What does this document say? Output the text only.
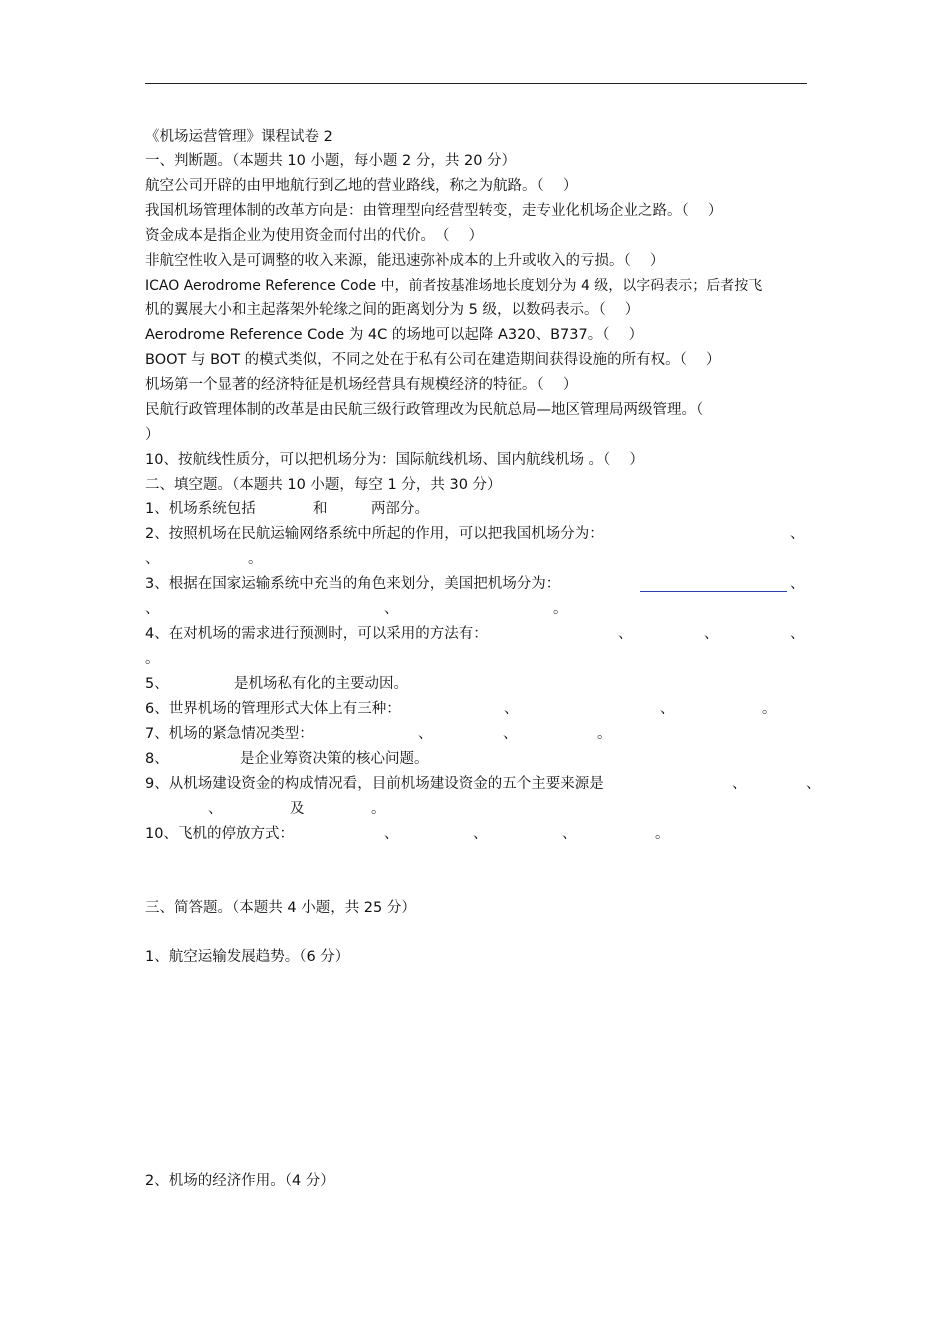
《机场运营管理》课程试卷 2
一、判断题。（本题共 10 小题，每小题 2 分，共 20 分）
航空公司开辟的由甲地航行到乙地的营业路线，称之为航路。（　 ）
我国机场管理体制的改革方向是：由管理型向经营型转变，走专业化机场企业之路。（　 ）
资金成本是指企业为使用资金而付出的代价。　（　 ）
非航空性收入是可调整的收入来源，能迅速弥补成本的上升或收入的亏损。（　 ）
ICAO Aerodrome Reference Code 中，前者按基准场地长度划分为 4 级，以字码表示；后者按飞
机的翼展大小和主起落架外轮缘之间的距离划分为 5 级，以数码表示。（　 ）
Aerodrome Reference Code 为 4C 的场地可以起降 A320、B737。（　 ）
BOOT 与 BOT 的模式类似，不同之处在于私有公司在建造期间获得设施的所有权。（　 ）
机场第一个显著的经济特征是机场经营具有规模经济的特征。（　 ）
民航行政管理体制的改革是由民航三级行政管理改为民航总局—地区管理局两级管理。（
）
10、按航线性质分，可以把机场分为：国际航线机场、国内航线机场 。（　 ）
二、填空题。（本题共 10 小题，每空 1 分，共 30 分）
1、机场系统包括	和	两部分。
2、按照机场在民航运输网络系统中所起的作用，可以把我国机场分为：	、
、	。
3、根据在国家运输系统中充当的角色来划分，美国把机场分为：	、
、	、	。
4、在对机场的需求进行预测时，可以采用的方法有：	、	、	、
。
5、	是机场私有化的主要动因。
6、世界机场的管理形式大体上有三种：	、	、	。
7、机场的紧急情况类型：	、	、	。
8、	是企业筹资决策的核心问题。
9、从机场建设资金的构成情况看，目前机场建设资金的五个主要来源是	、	、
、	及	。
10、飞机的停放方式：	、	、	、	。
三、简答题。（本题共 4 小题，共 25 分）
1、航空运输发展趋势。（6 分）
2、机场的经济作用。（4 分）
